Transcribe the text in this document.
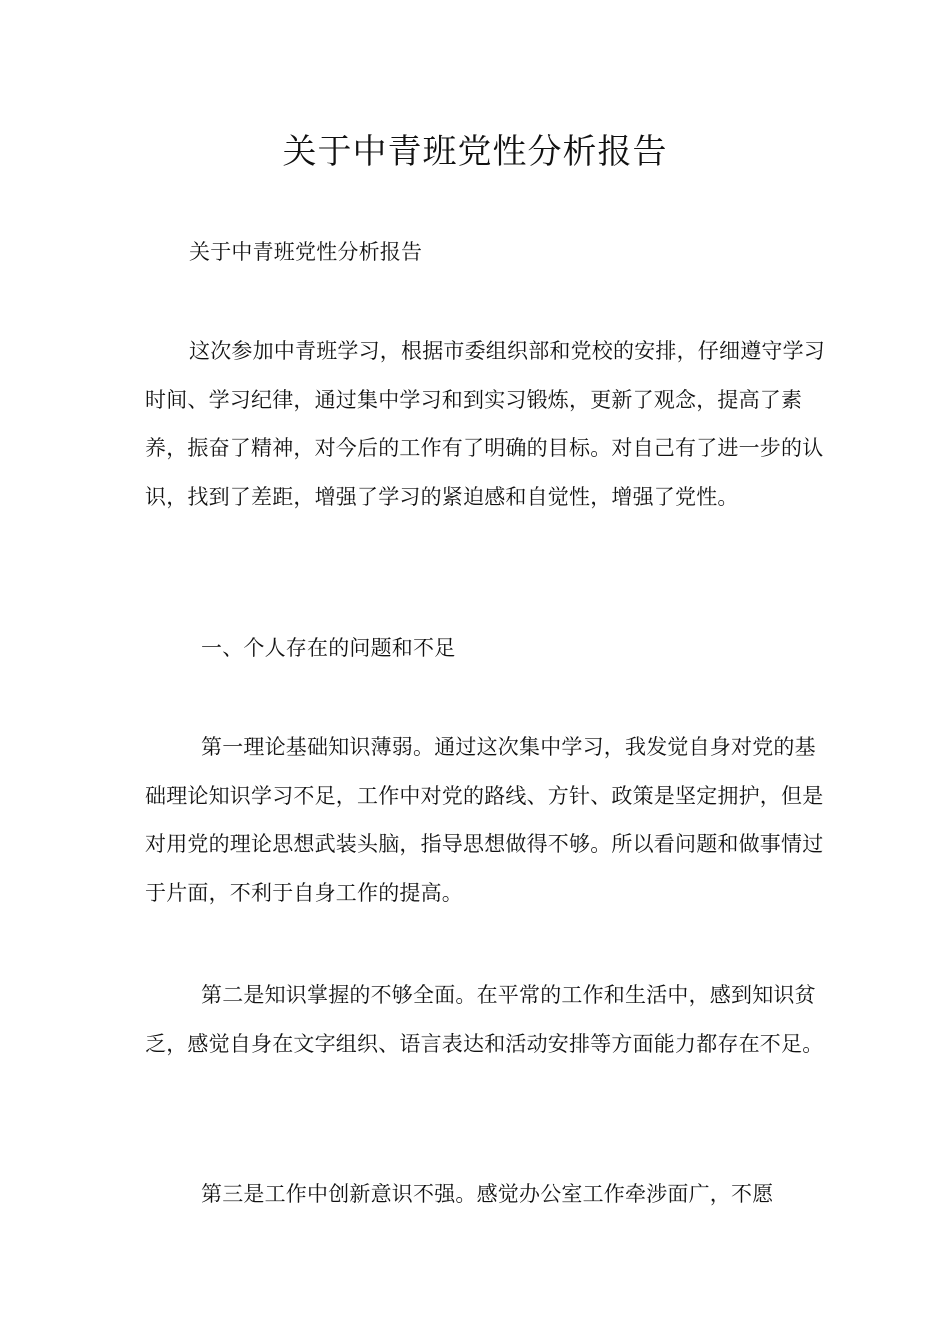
关于中青班党性分析报告

关于中青班党性分析报告

这次参加中青班学习，根据市委组织部和党校的安排，仔细遵守学习时间、学习纪律，通过集中学习和到实习锻炼，更新了观念，提高了素养，振奋了精神，对今后的工作有了明确的目标。对自己有了进一步的认识，找到了差距，增强了学习的紧迫感和自觉性，增强了党性。

一、个人存在的问题和不足

第一理论基础知识薄弱。通过这次集中学习，我发觉自身对党的基础理论知识学习不足，工作中对党的路线、方针、政策是坚定拥护，但是对用党的理论思想武装头脑，指导思想做得不够。所以看问题和做事情过于片面，不利于自身工作的提高。

第二是知识掌握的不够全面。在平常的工作和生活中，感到知识贫乏，感觉自身在文字组织、语言表达和活动安排等方面能力都存在不足。

第三是工作中创新意识不强。感觉办公室工作牵涉面广，不愿
